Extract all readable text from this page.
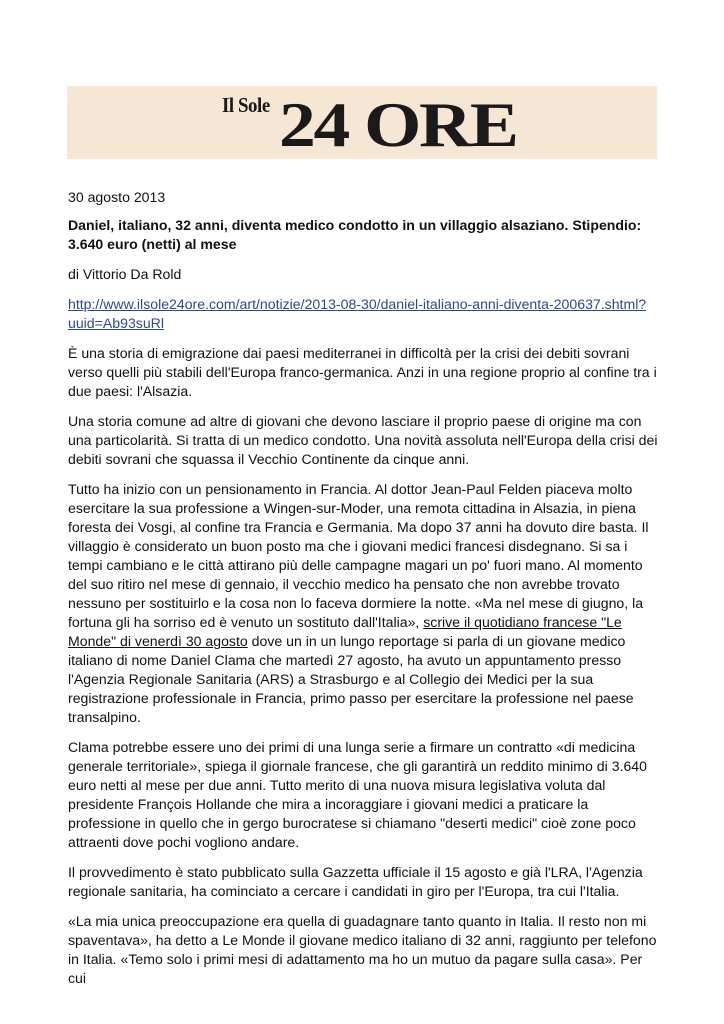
Il Sole 24 ORE

30 agosto 2013

Daniel, italiano, 32 anni, diventa medico condotto in un villaggio alsaziano. Stipendio: 3.640 euro (netti) al mese

di Vittorio Da Rold

http://www.ilsole24ore.com/art/notizie/2013-08-30/daniel-italiano-anni-diventa-200637.shtml?uuid=Ab93suRl

È una storia di emigrazione dai paesi mediterranei in difficoltà per la crisi dei debiti sovrani verso quelli più stabili dell'Europa franco-germanica. Anzi in una regione proprio al confine tra i due paesi: l'Alsazia.

Una storia comune ad altre di giovani che devono lasciare il proprio paese di origine ma con una particolarità. Si tratta di un medico condotto. Una novità assoluta nell'Europa della crisi dei debiti sovrani che squassa il Vecchio Continente da cinque anni.

Tutto ha inizio con un pensionamento in Francia. Al dottor Jean-Paul Felden piaceva molto esercitare la sua professione a Wingen-sur-Moder, una remota cittadina in Alsazia, in piena foresta dei Vosgi, al confine tra Francia e Germania. Ma dopo 37 anni ha dovuto dire basta. Il villaggio è considerato un buon posto ma che i giovani medici francesi disdegnano. Si sa i tempi cambiano e le città attirano più delle campagne magari un po' fuori mano. Al momento del suo ritiro nel mese di gennaio, il vecchio medico ha pensato che non avrebbe trovato nessuno per sostituirlo e la cosa non lo faceva dormiere la notte. «Ma nel mese di giugno, la fortuna gli ha sorriso ed è venuto un sostituto dall'Italia», scrive il quotidiano francese "Le Monde" di venerdì 30 agosto dove un in un lungo reportage si parla di un giovane medico italiano di nome Daniel Clama che martedì 27 agosto, ha avuto un appuntamento presso l'Agenzia Regionale Sanitaria (ARS) a Strasburgo e al Collegio dei Medici per la sua registrazione professionale in Francia, primo passo per esercitare la professione nel paese transalpino.

Clama potrebbe essere uno dei primi di una lunga serie a firmare un contratto «di medicina generale territoriale», spiega il giornale francese, che gli garantirà un reddito minimo di 3.640 euro netti al mese per due anni. Tutto merito di una nuova misura legislativa voluta dal presidente François Hollande che mira a incoraggiare i giovani medici a praticare la professione in quello che in gergo burocratese si chiamano "deserti medici" cioè zone poco attraenti dove pochi vogliono andare.

Il provvedimento è stato pubblicato sulla Gazzetta ufficiale il 15 agosto e già l'LRA, l'Agenzia regionale sanitaria, ha cominciato a cercare i candidati in giro per l'Europa, tra cui l'Italia.

«La mia unica preoccupazione era quella di guadagnare tanto quanto in Italia. Il resto non mi spaventava», ha detto a Le Monde il giovane medico italiano di 32 anni, raggiunto per telefono in Italia. «Temo solo i primi mesi di adattamento ma ho un mutuo da pagare sulla casa». Per cui
